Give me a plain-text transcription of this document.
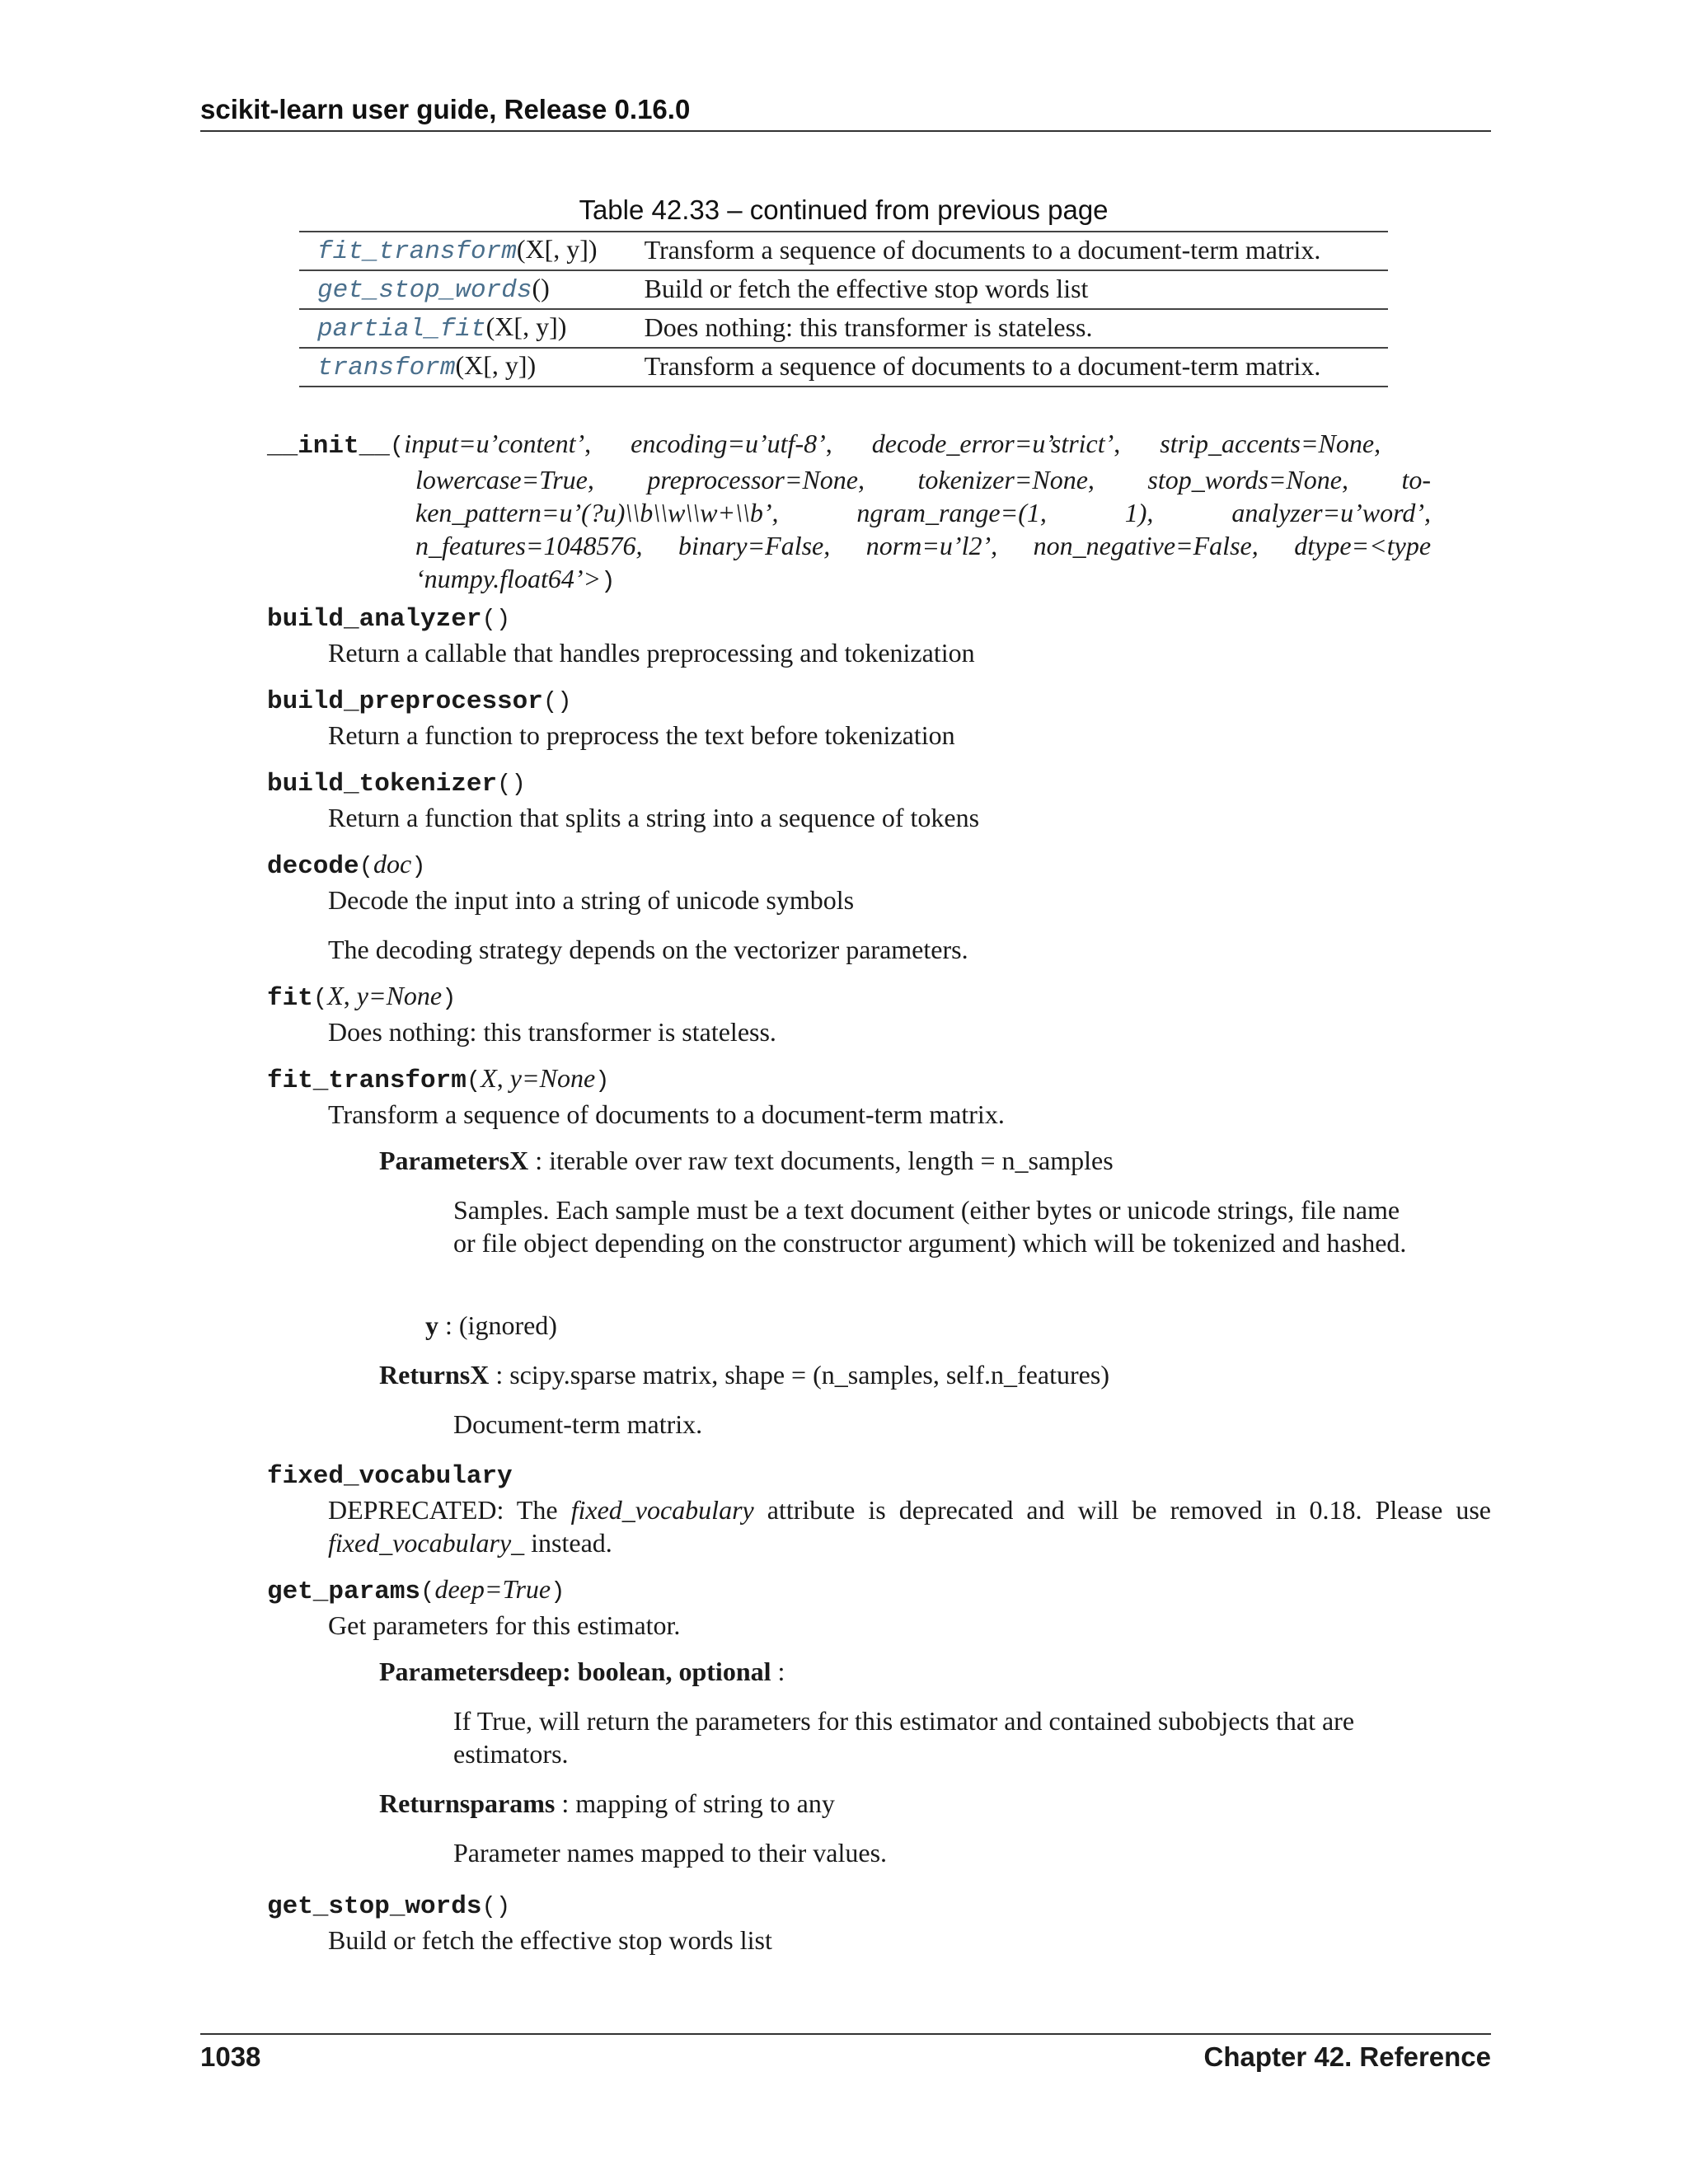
scikit-learn user guide, Release 0.16.0
Table 42.33 – continued from previous page
fit_transform(X[, y])	Transform a sequence of documents to a document-term matrix.
get_stop_words()	Build or fetch the effective stop words list
partial_fit(X[, y])	Does nothing: this transformer is stateless.
transform(X[, y])	Transform a sequence of documents to a document-term matrix.
__init__(input=u’content’, encoding=u’utf-8’, decode_error=u’strict’, strip_accents=None,
lowercase=True, preprocessor=None, tokenizer=None, stop_words=None, to-
ken_pattern=u’(?u)\\b\\w\\w+\\b’,	ngram_range=(1,	1),	analyzer=u’word’,
n_features=1048576, binary=False, norm=u’l2’, non_negative=False, dtype=<type
‘numpy.float64’>)
build_analyzer()
Return a callable that handles preprocessing and tokenization
build_preprocessor()
Return a function to preprocess the text before tokenization
build_tokenizer()
Return a function that splits a string into a sequence of tokens
decode(doc)
Decode the input into a string of unicode symbols
The decoding strategy depends on the vectorizer parameters.
fit(X, y=None)
Does nothing: this transformer is stateless.
fit_transform(X, y=None)
Transform a sequence of documents to a document-term matrix.
ParametersX : iterable over raw text documents, length = n_samples
Samples. Each sample must be a text document (either bytes or unicode strings, file name or file object depending on the constructor argument) which will be tokenized and hashed.
y : (ignored)
ReturnsX : scipy.sparse matrix, shape = (n_samples, self.n_features)
Document-term matrix.
fixed_vocabulary
DEPRECATED: The fixed_vocabulary attribute is deprecated and will be removed in 0.18. Please use
fixed_vocabulary_ instead.
get_params(deep=True)
Get parameters for this estimator.
Parametersdeep: boolean, optional :
If True, will return the parameters for this estimator and contained subobjects that are estimators.
Returnsparams : mapping of string to any
Parameter names mapped to their values.
get_stop_words()
Build or fetch the effective stop words list
1038	Chapter 42. Reference
